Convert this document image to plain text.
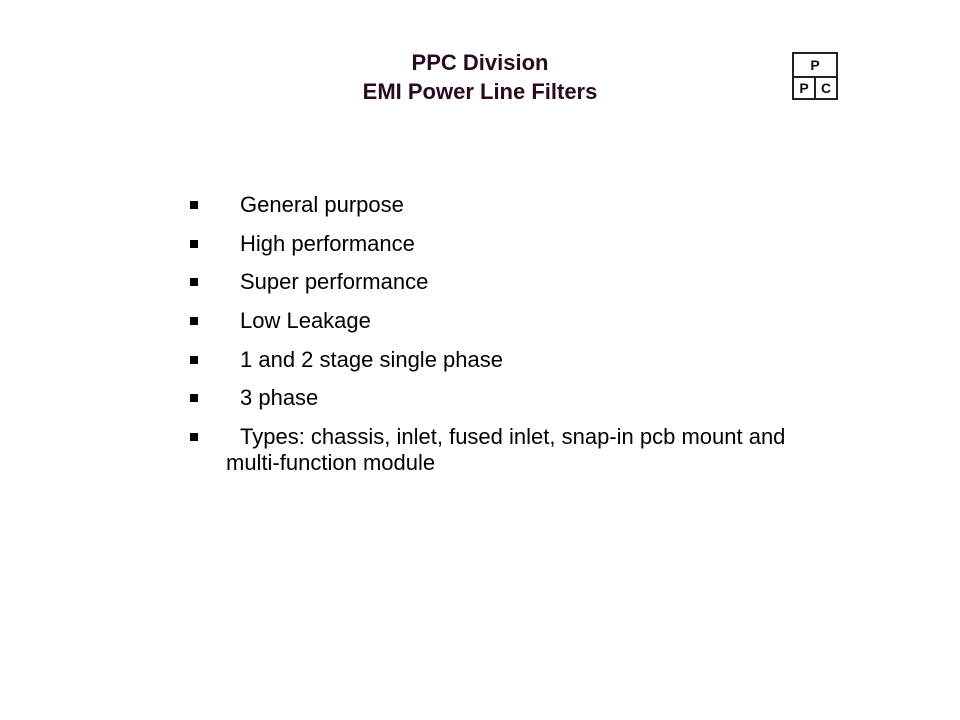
PPC Division
EMI Power Line Filters
P
P C
General purpose
High performance
Super performance
Low Leakage
1 and 2 stage single phase
3 phase
Types: chassis, inlet, fused inlet, snap-in pcb mount and multi-function module
